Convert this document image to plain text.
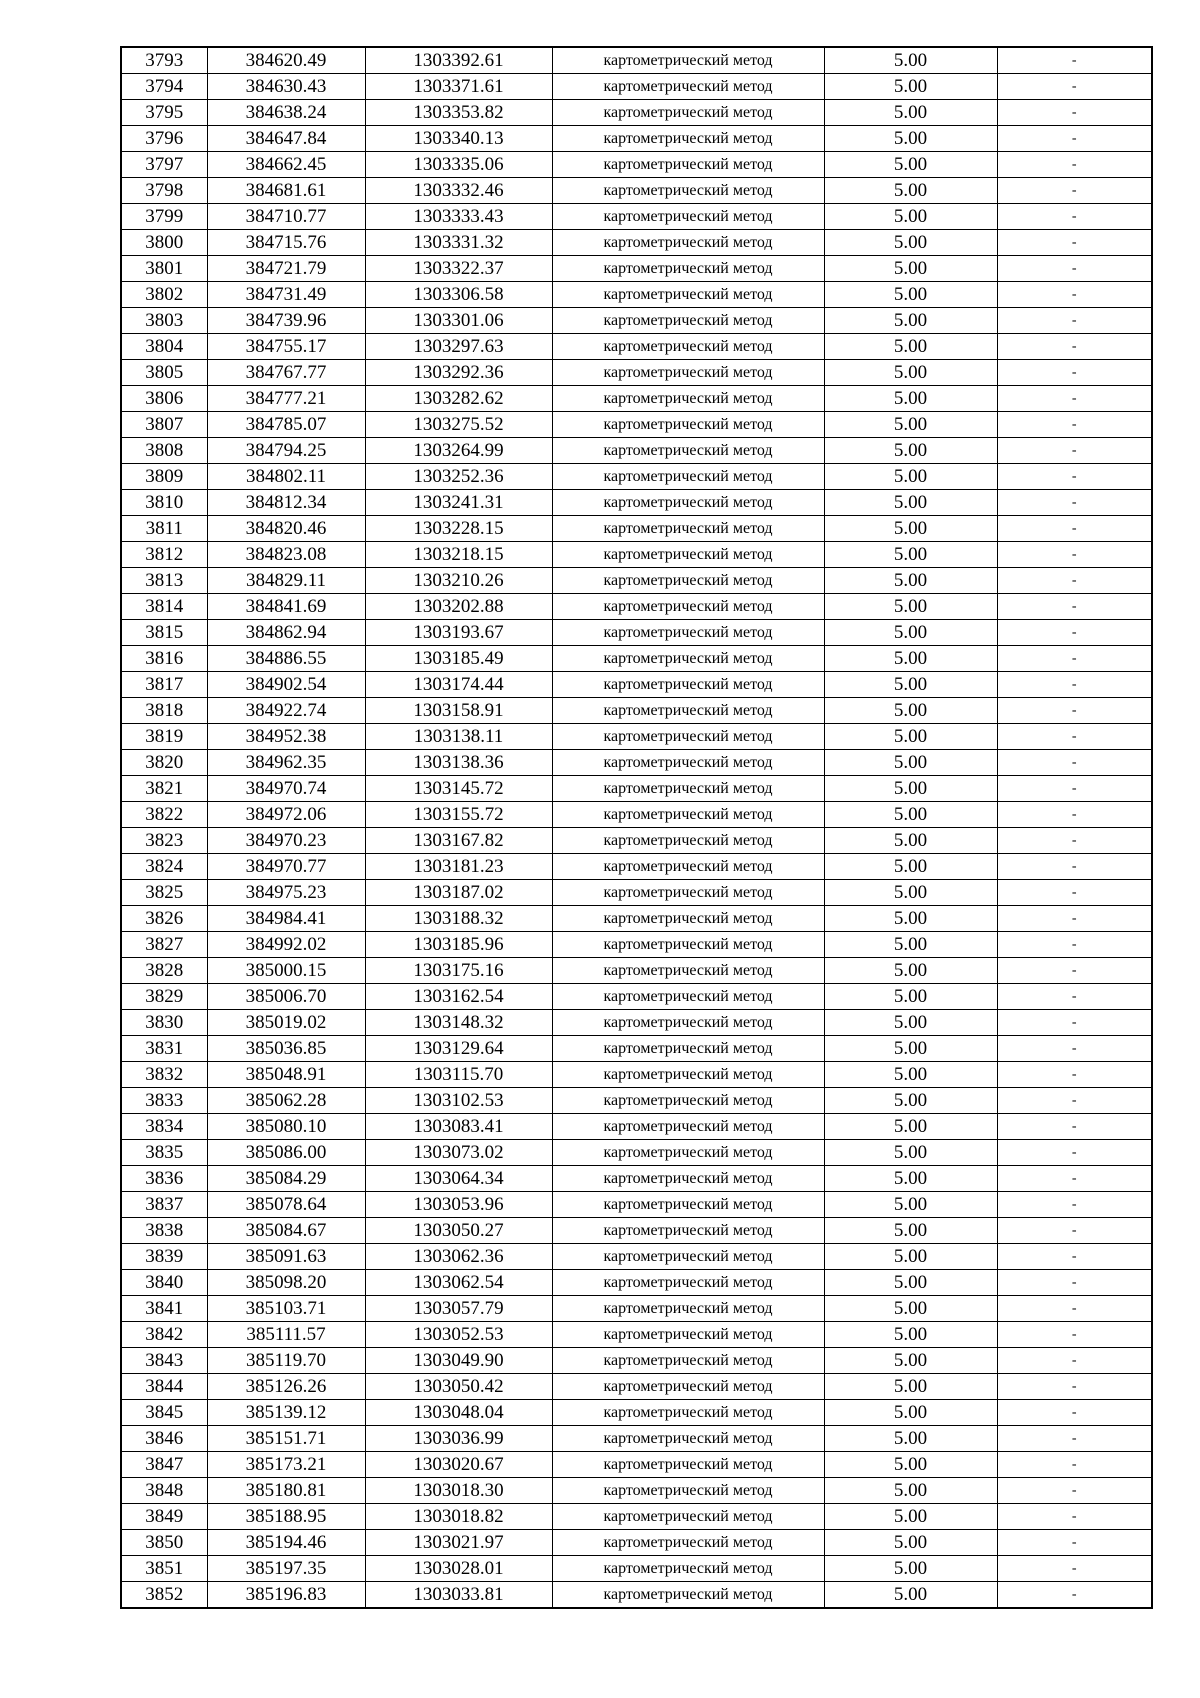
3793	384620.49	1303392.61	картометрический метод	5.00	-
3794	384630.43	1303371.61	картометрический метод	5.00	-
3795	384638.24	1303353.82	картометрический метод	5.00	-
3796	384647.84	1303340.13	картометрический метод	5.00	-
3797	384662.45	1303335.06	картометрический метод	5.00	-
3798	384681.61	1303332.46	картометрический метод	5.00	-
3799	384710.77	1303333.43	картометрический метод	5.00	-
3800	384715.76	1303331.32	картометрический метод	5.00	-
3801	384721.79	1303322.37	картометрический метод	5.00	-
3802	384731.49	1303306.58	картометрический метод	5.00	-
3803	384739.96	1303301.06	картометрический метод	5.00	-
3804	384755.17	1303297.63	картометрический метод	5.00	-
3805	384767.77	1303292.36	картометрический метод	5.00	-
3806	384777.21	1303282.62	картометрический метод	5.00	-
3807	384785.07	1303275.52	картометрический метод	5.00	-
3808	384794.25	1303264.99	картометрический метод	5.00	-
3809	384802.11	1303252.36	картометрический метод	5.00	-
3810	384812.34	1303241.31	картометрический метод	5.00	-
3811	384820.46	1303228.15	картометрический метод	5.00	-
3812	384823.08	1303218.15	картометрический метод	5.00	-
3813	384829.11	1303210.26	картометрический метод	5.00	-
3814	384841.69	1303202.88	картометрический метод	5.00	-
3815	384862.94	1303193.67	картометрический метод	5.00	-
3816	384886.55	1303185.49	картометрический метод	5.00	-
3817	384902.54	1303174.44	картометрический метод	5.00	-
3818	384922.74	1303158.91	картометрический метод	5.00	-
3819	384952.38	1303138.11	картометрический метод	5.00	-
3820	384962.35	1303138.36	картометрический метод	5.00	-
3821	384970.74	1303145.72	картометрический метод	5.00	-
3822	384972.06	1303155.72	картометрический метод	5.00	-
3823	384970.23	1303167.82	картометрический метод	5.00	-
3824	384970.77	1303181.23	картометрический метод	5.00	-
3825	384975.23	1303187.02	картометрический метод	5.00	-
3826	384984.41	1303188.32	картометрический метод	5.00	-
3827	384992.02	1303185.96	картометрический метод	5.00	-
3828	385000.15	1303175.16	картометрический метод	5.00	-
3829	385006.70	1303162.54	картометрический метод	5.00	-
3830	385019.02	1303148.32	картометрический метод	5.00	-
3831	385036.85	1303129.64	картометрический метод	5.00	-
3832	385048.91	1303115.70	картометрический метод	5.00	-
3833	385062.28	1303102.53	картометрический метод	5.00	-
3834	385080.10	1303083.41	картометрический метод	5.00	-
3835	385086.00	1303073.02	картометрический метод	5.00	-
3836	385084.29	1303064.34	картометрический метод	5.00	-
3837	385078.64	1303053.96	картометрический метод	5.00	-
3838	385084.67	1303050.27	картометрический метод	5.00	-
3839	385091.63	1303062.36	картометрический метод	5.00	-
3840	385098.20	1303062.54	картометрический метод	5.00	-
3841	385103.71	1303057.79	картометрический метод	5.00	-
3842	385111.57	1303052.53	картометрический метод	5.00	-
3843	385119.70	1303049.90	картометрический метод	5.00	-
3844	385126.26	1303050.42	картометрический метод	5.00	-
3845	385139.12	1303048.04	картометрический метод	5.00	-
3846	385151.71	1303036.99	картометрический метод	5.00	-
3847	385173.21	1303020.67	картометрический метод	5.00	-
3848	385180.81	1303018.30	картометрический метод	5.00	-
3849	385188.95	1303018.82	картометрический метод	5.00	-
3850	385194.46	1303021.97	картометрический метод	5.00	-
3851	385197.35	1303028.01	картометрический метод	5.00	-
3852	385196.83	1303033.81	картометрический метод	5.00	-
